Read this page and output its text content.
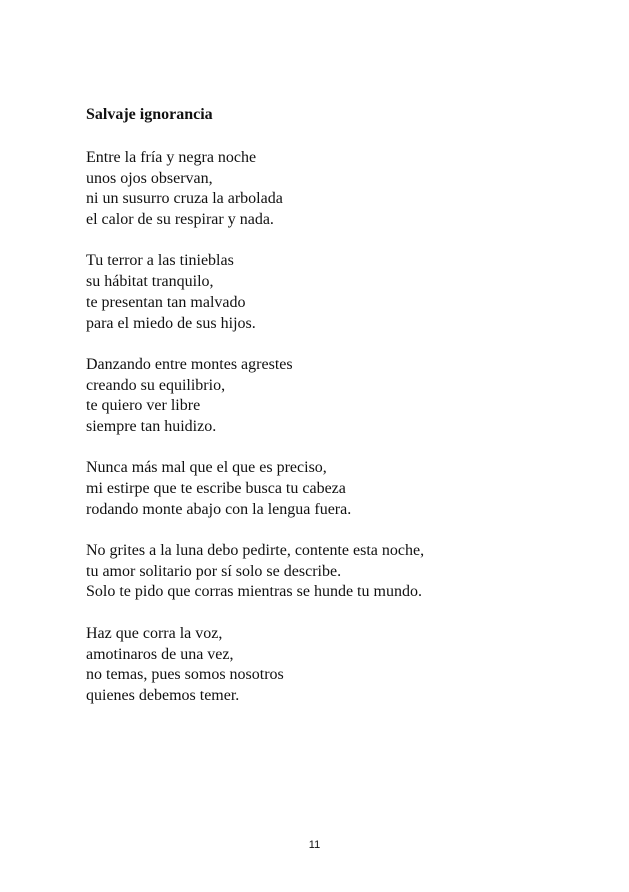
Salvaje ignorancia
Entre la fría y negra noche
unos ojos observan,
ni un susurro cruza la arbolada
el calor de su respirar y nada.
Tu terror a las tinieblas
su hábitat tranquilo,
te presentan tan malvado
para el miedo de sus hijos.
Danzando entre montes agrestes
creando su equilibrio,
te quiero ver libre
siempre tan huidizo.
Nunca más mal que el que es preciso,
mi estirpe que te escribe busca tu cabeza
rodando monte abajo con la lengua fuera.
No grites a la luna debo pedirte, contente esta noche,
tu amor solitario por sí solo se describe.
Solo te pido que corras mientras se hunde tu mundo.
Haz que corra la voz,
amotinaros de una vez,
no temas, pues somos nosotros
quienes debemos temer.
11
